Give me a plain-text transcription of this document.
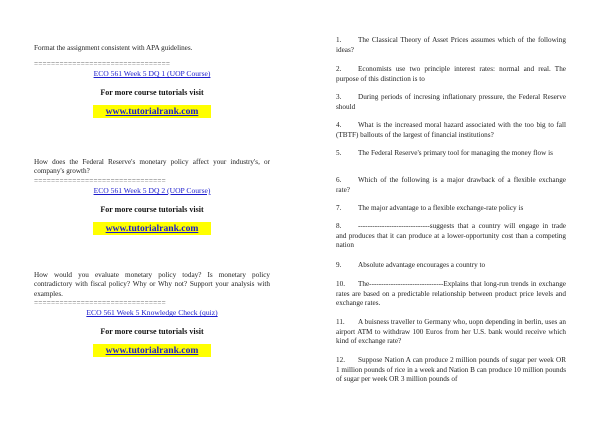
Format the assignment consistent with APA guidelines.

================================

ECO 561 Week 5 DQ 1 (UOP Course)

For more course tutorials visit

www.tutorialrank.com

How does the Federal Reserve's monetary policy affect your industry's, or company's growth?

===============================

ECO 561 Week 5 DQ 2 (UOP Course)

For more course tutorials visit

www.tutorialrank.com

How would you evaluate monetary policy today? Is monetary policy contradictory with fiscal policy? Why or Why not? Support your analysis with examples.

===============================

ECO 561 Week 5 Knowledge Check (quiz)

For more course tutorials visit

www.tutorialrank.com

1. The Classical Theory of Asset Prices assumes which of the following ideas?

2. Economists use two principle interest rates: normal and real. The purpose of this distinction is to

3. During periods of incresing inflationary pressure, the Federal Reserve should

4. What is the increased moral hazard associated with the too big to fall (TBTF) ballouts of the largest of financial institutions?

5. The Federal Reserve's primary tool for managing the money flow is

6. Which of the following is a major drawback of a flexible exchange rate?

7. The major advantage to a flexible exchange-rate policy is

8. ------------------------------suggests that a country will engage in trade and produces that it can produce at a lower-opportunity cost than a competing nation

9. Absolute advantage encourages a country to

10. The-------------------------------Explains that long-run trends in exchange rates are based on a predictable relationship between product price levels and exchange rates.

11. A buisness traveller to Germany who, uopn depending in berlin, uses an airport ATM to withdraw 100 Euros from her U.S. bank would receive which kind of exchange rate?

12. Suppose Nation A can produce 2 million pounds of sugar per week OR 1 million pounds of rice in a week and Nation B can produce 10 million pounds of sugar per week OR 3 million pounds of
